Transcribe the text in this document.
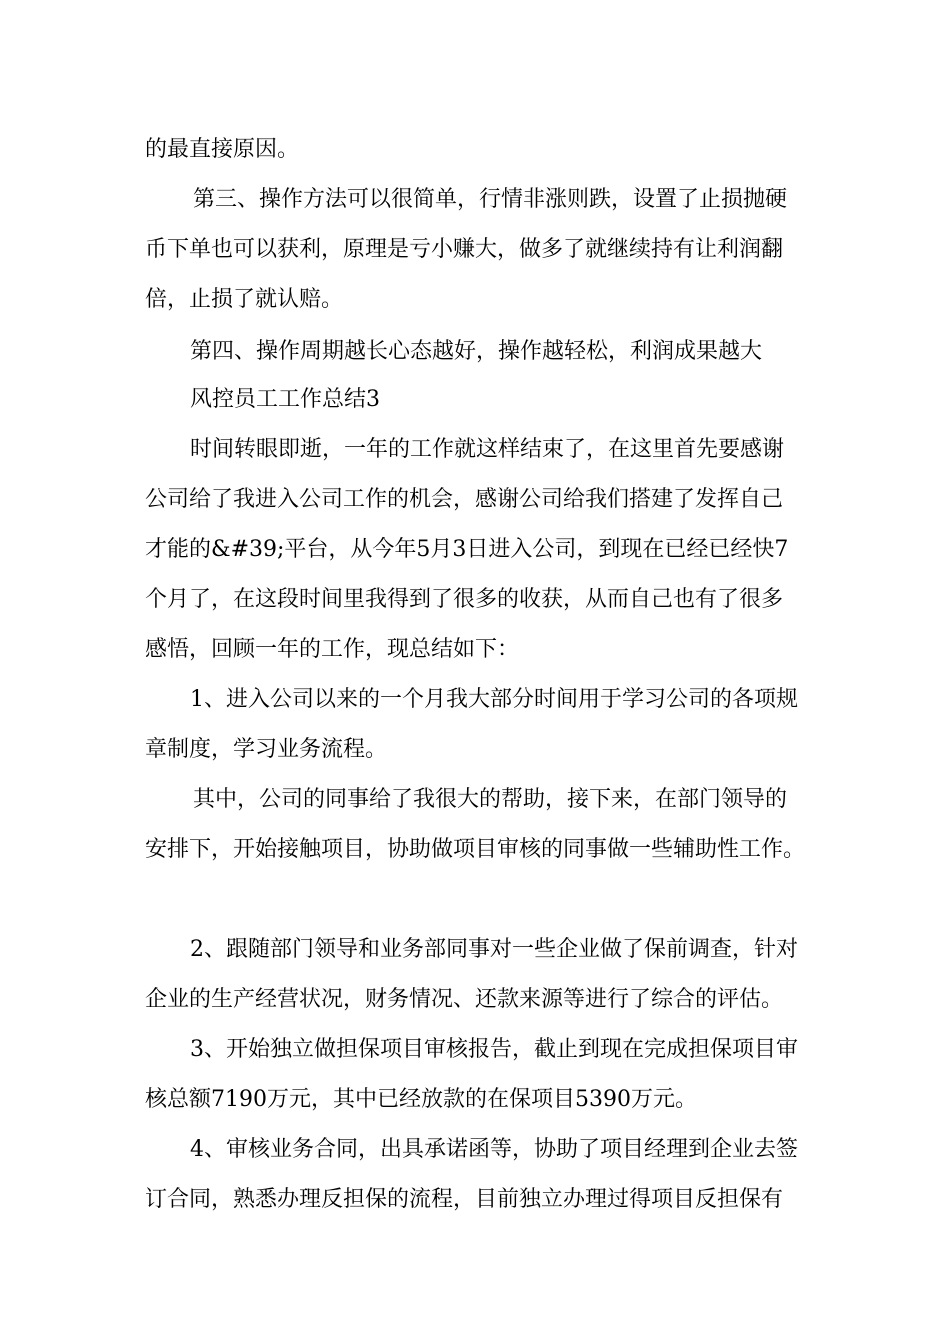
的最直接原因。
第三、操作方法可以很简单，行情非涨则跌，设置了止损抛硬
币下单也可以获利，原理是亏小赚大，做多了就继续持有让利润翻
倍，止损了就认赔。
第四、操作周期越长心态越好，操作越轻松，利润成果越大
风控员工工作总结3
时间转眼即逝，一年的工作就这样结束了，在这里首先要感谢
公司给了我进入公司工作的机会，感谢公司给我们搭建了发挥自己
才能的&#39;平台，从今年5月3日进入公司，到现在已经已经快7
个月了，在这段时间里我得到了很多的收获，从而自己也有了很多
感悟，回顾一年的工作，现总结如下：
1、进入公司以来的一个月我大部分时间用于学习公司的各项规
章制度，学习业务流程。
其中，公司的同事给了我很大的帮助，接下来，在部门领导的
安排下，开始接触项目，协助做项目审核的同事做一些辅助性工作。
2、跟随部门领导和业务部同事对一些企业做了保前调查，针对
企业的生产经营状况，财务情况、还款来源等进行了综合的评估。
3、开始独立做担保项目审核报告，截止到现在完成担保项目审
核总额7190万元，其中已经放款的在保项目5390万元。
4、审核业务合同，出具承诺函等，协助了项目经理到企业去签
订合同，熟悉办理反担保的流程，目前独立办理过得项目反担保有
